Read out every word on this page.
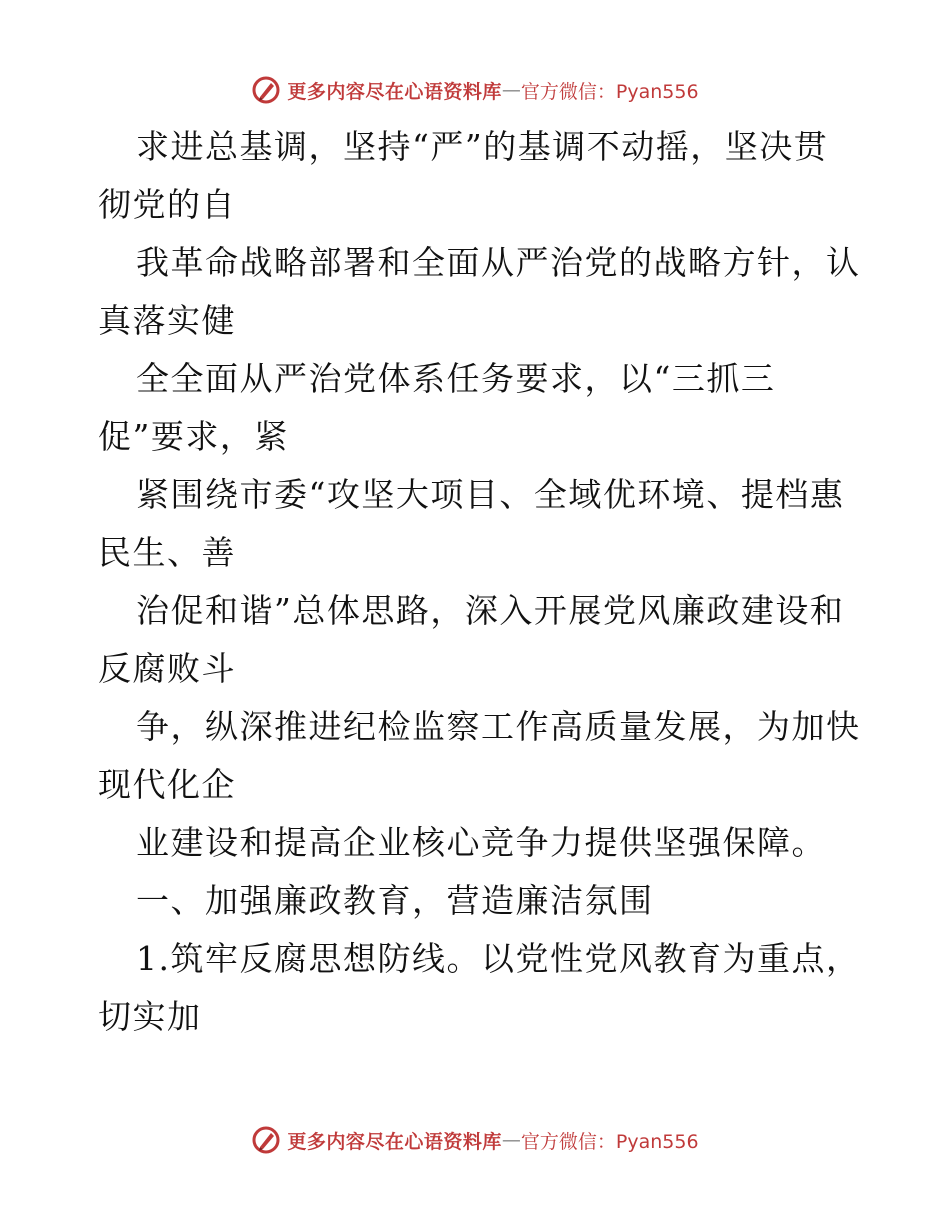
更多内容尽在心语资料库 — 官方微信：Pyan556
求进总基调，坚持“严”的基调不动摇，坚决贯
彻党的自
我革命战略部署和全面从严治党的战略方针，认
真落实健
全全面从严治党体系任务要求，以“三抓三
促”要求，紧
紧围绕市委“攻坚大项目、全域优环境、提档惠
民生、善
治促和谐”总体思路，深入开展党风廉政建设和
反腐败斗
争，纵深推进纪检监察工作高质量发展，为加快
现代化企
业建设和提高企业核心竞争力提供坚强保障。
一、加强廉政教育，营造廉洁氛围
1.筑牢反腐思想防线。以党性党风教育为重点，
切实加
更多内容尽在心语资料库 — 官方微信：Pyan556
